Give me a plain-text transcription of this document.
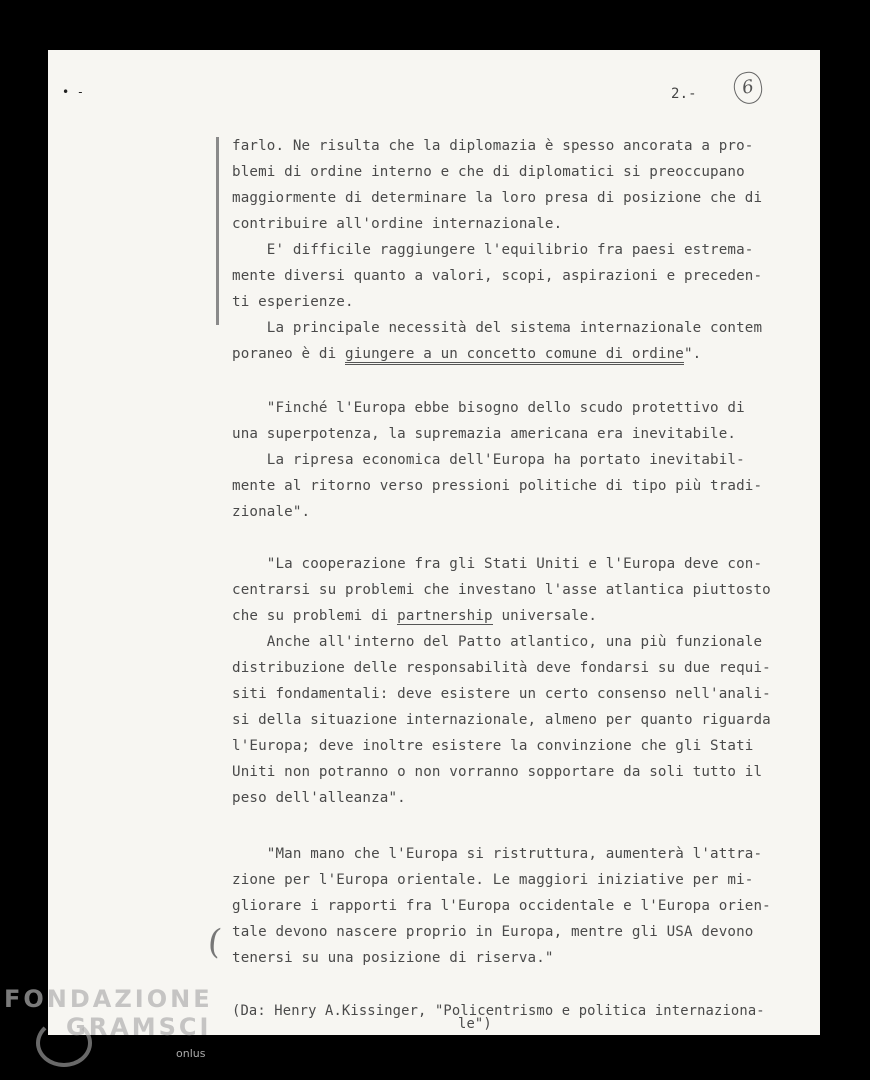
• -	2.-	6
farlo. Ne risulta che la diplomazia è spesso ancorata a pro-
blemi di ordine interno e che di diplomatici si preoccupano
maggiormente di determinare la loro presa di posizione che di
contribuire all'ordine internazionale.
E' difficile raggiungere l'equilibrio fra paesi estrema-
mente diversi quanto a valori, scopi, aspirazioni e preceden-
ti esperienze.
La principale necessità del sistema internazionale contem
poraneo è di giungere a un concetto comune di ordine".
"Finché l'Europa ebbe bisogno dello scudo protettivo di
una superpotenza, la supremazia americana era inevitabile.
La ripresa economica dell'Europa ha portato inevitabil-
mente al ritorno verso pressioni politiche di tipo più tradi-
zionale".
"La cooperazione fra gli Stati Uniti e l'Europa deve con-
centrarsi su problemi che investano l'asse atlantica piuttosto
che su problemi di partnership universale.
Anche all'interno del Patto atlantico, una più funzionale
distribuzione delle responsabilità deve fondarsi su due requi-
siti fondamentali: deve esistere un certo consenso nell'anali-
si della situazione internazionale, almeno per quanto riguarda
l'Europa; deve inoltre esistere la convinzione che gli Stati
Uniti non potranno o non vorranno sopportare da soli tutto il
peso dell'alleanza".
"Man mano che l'Europa si ristruttura, aumenterà l'attra-
zione per l'Europa orientale. Le maggiori iniziative per mi-
gliorare i rapporti fra l'Europa occidentale e l'Europa orien-
tale devono nascere proprio in Europa, mentre gli USA devono
tenersi su una posizione di riserva."
(
(Da: Henry A.Kissinger, "Policentrismo e politica internaziona-
le")
FONDAZIONE
GRAMSCI
onlus
